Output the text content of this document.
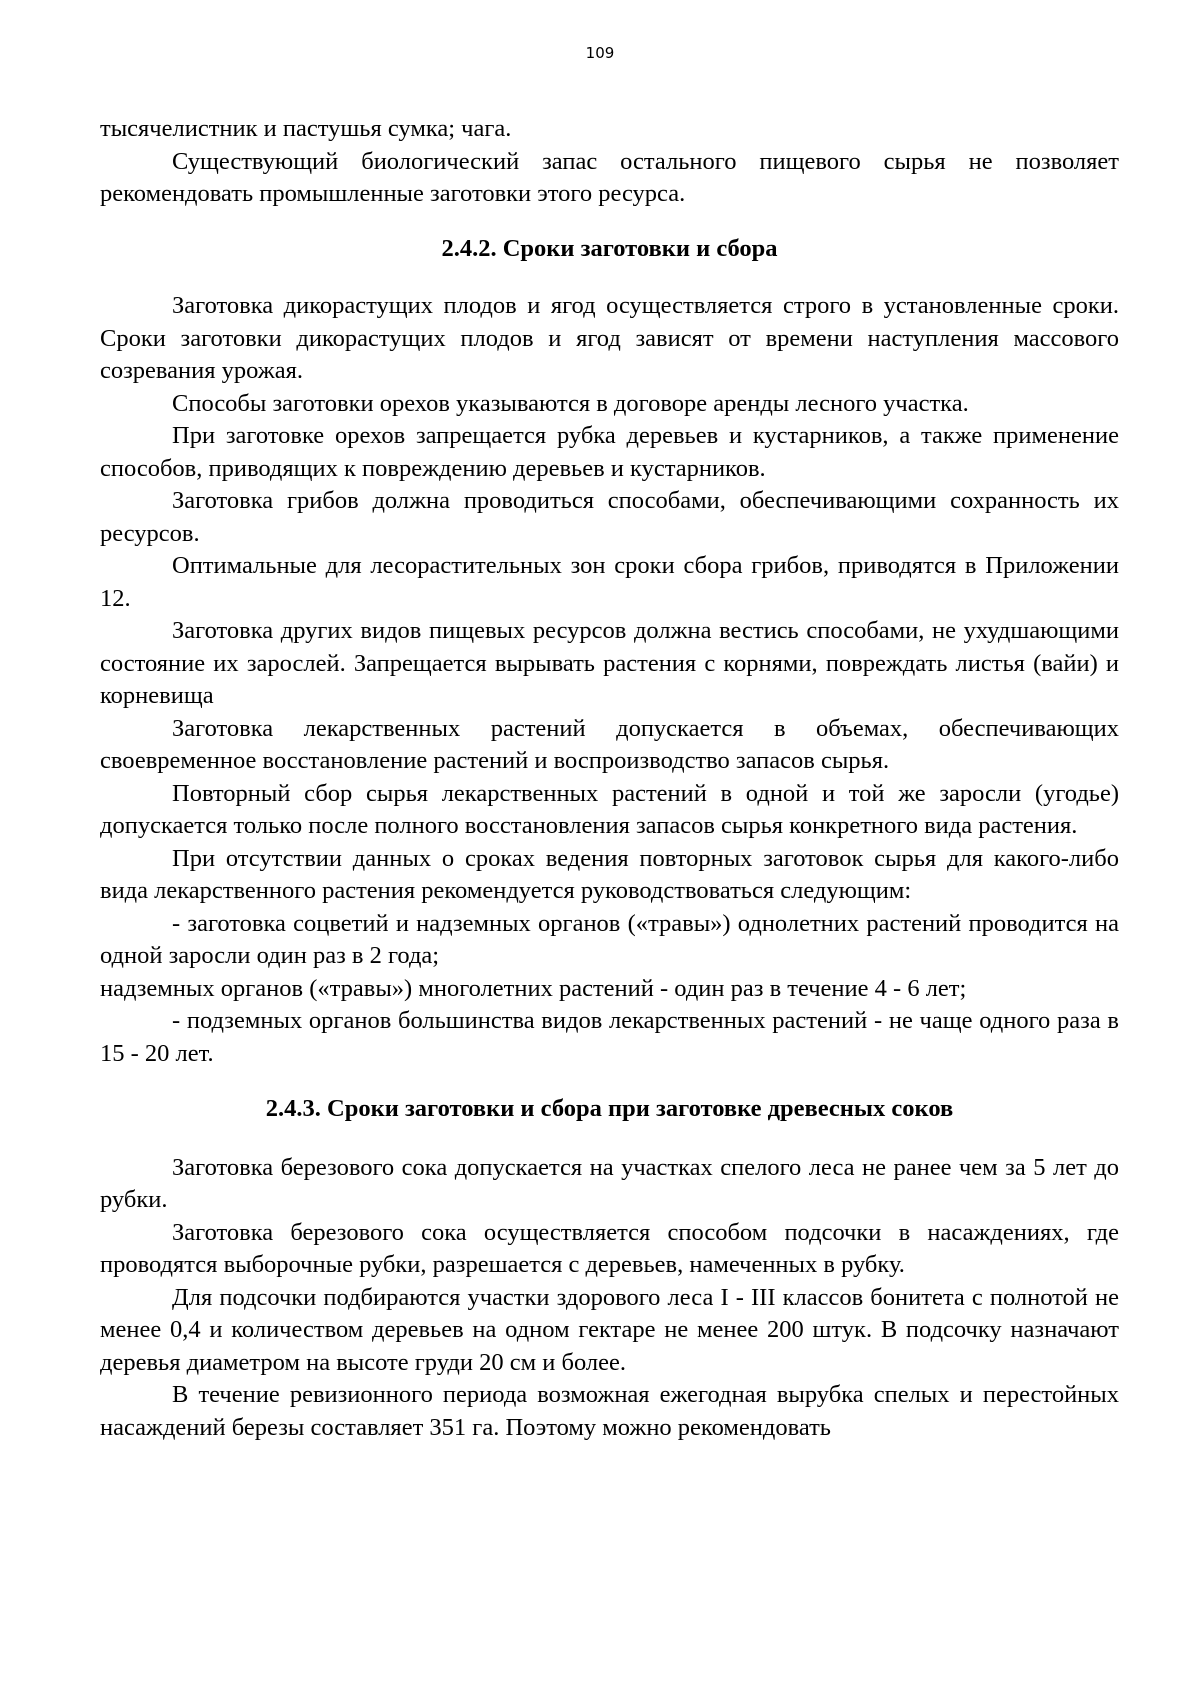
109

тысячелистник и пастушья сумка; чага.

Существующий биологический запас остального пищевого сырья не позволяет рекомендовать промышленные заготовки этого ресурса.

2.4.2. Сроки заготовки и сбора

Заготовка дикорастущих плодов и ягод осуществляется строго в установленные сроки. Сроки заготовки дикорастущих плодов и ягод зависят от времени наступления массового созревания урожая.

Способы заготовки орехов указываются в договоре аренды лесного участка.

При заготовке орехов запрещается рубка деревьев и кустарников, а также применение способов, приводящих к повреждению деревьев и кустарников.

Заготовка грибов должна проводиться способами, обеспечивающими сохранность их ресурсов.

Оптимальные для лесорастительных зон сроки сбора грибов, приводятся в Приложении 12.

Заготовка других видов пищевых ресурсов должна вестись способами, не ухудшающими состояние их зарослей. Запрещается вырывать растения с корнями, повреждать листья (вайи) и корневища

Заготовка лекарственных растений допускается в объемах, обеспечивающих своевременное восстановление растений и воспроизводство запасов сырья.

Повторный сбор сырья лекарственных растений в одной и той же заросли (угодье) допускается только после полного восстановления запасов сырья конкретного вида растения.

При отсутствии данных о сроках ведения повторных заготовок сырья для какого-либо вида лекарственного растения рекомендуется руководствоваться следующим:

- заготовка соцветий и надземных органов («травы») однолетних растений проводится на одной заросли один раз в 2 года;

надземных органов («травы») многолетних растений - один раз в течение 4 - 6 лет;

- подземных органов большинства видов лекарственных растений - не чаще одного раза в 15 - 20 лет.

2.4.3. Сроки заготовки и сбора при заготовке древесных соков

Заготовка березового сока допускается на участках спелого леса не ранее чем за 5 лет до рубки.

Заготовка березового сока осуществляется способом подсочки в насаждениях, где проводятся выборочные рубки, разрешается с деревьев, намеченных в рубку.

Для подсочки подбираются участки здорового леса I - III классов бонитета с полнотой не менее 0,4 и количеством деревьев на одном гектаре не менее 200 штук. В подсочку назначают деревья диаметром на высоте груди 20 см и более.

В течение ревизионного периода возможная ежегодная вырубка спелых и перестойных насаждений березы составляет 351 га. Поэтому можно рекомендовать
